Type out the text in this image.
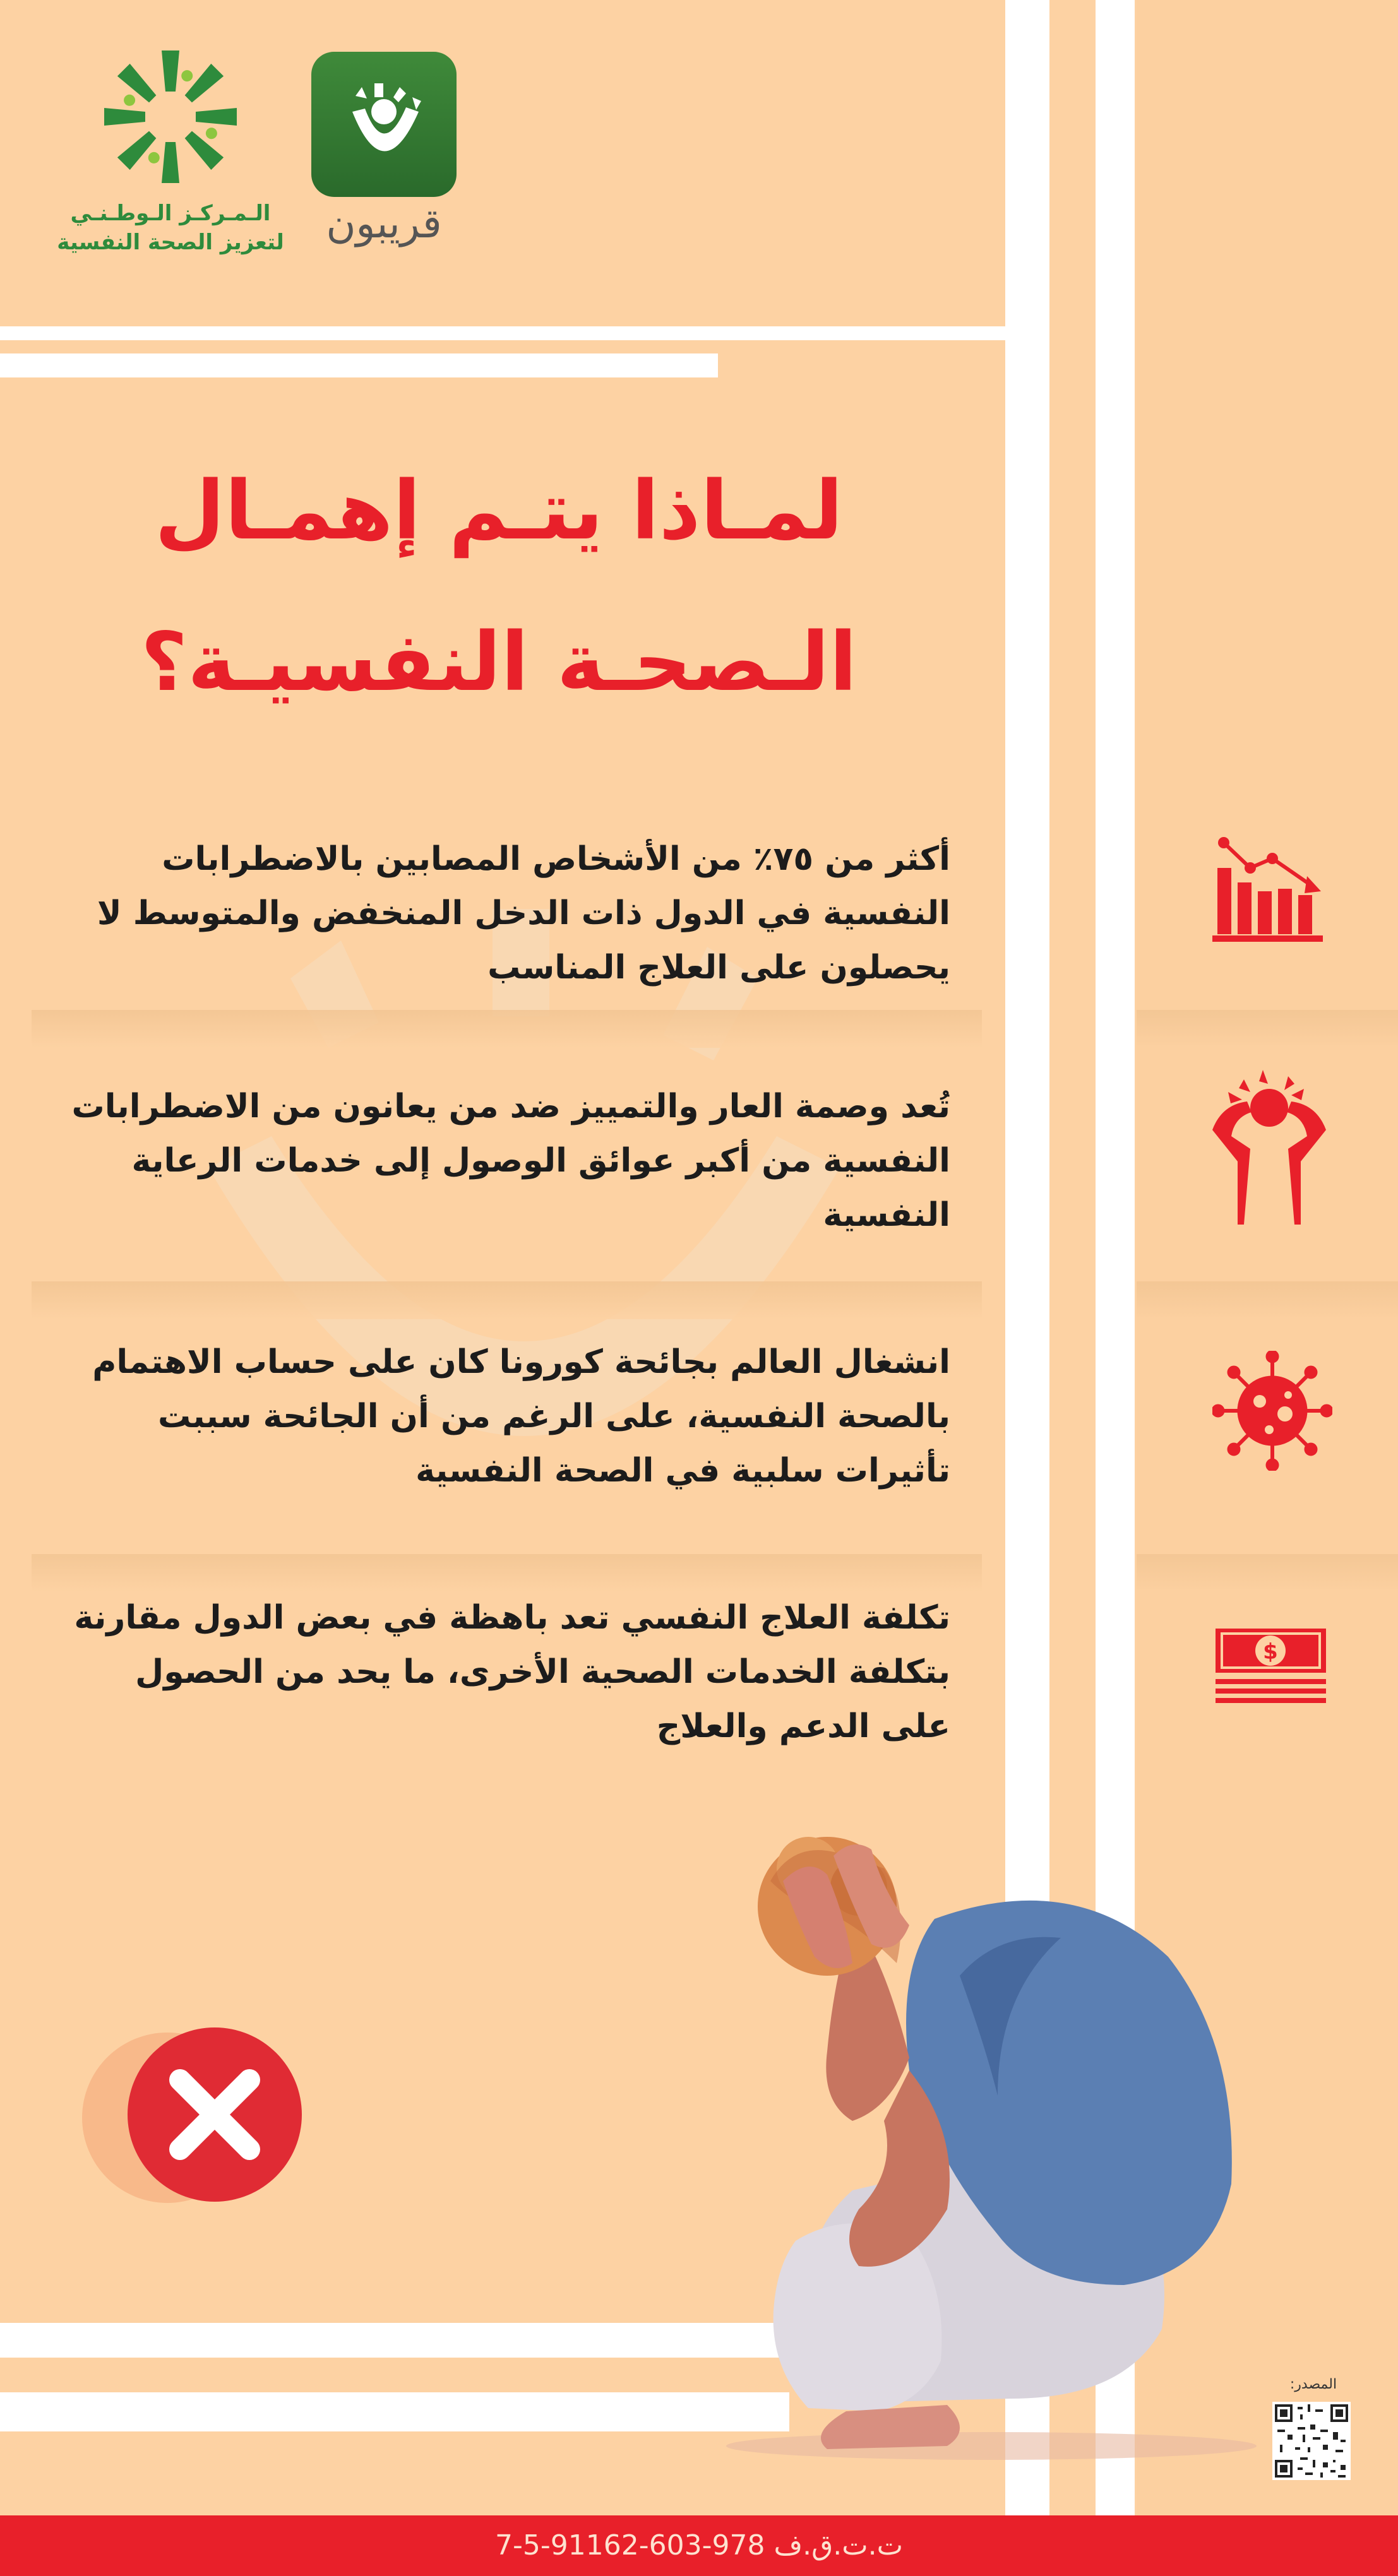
الـمـركـز الـوطـنـي
لتعزيز الصحة النفسية	قريبون
لمـاذا يتـم إهمـال
الـصحـة النفسيـة؟
أكثر من ٧٥٪ من الأشخاص المصابين بالاضطرابات النفسية في الدول ذات الدخل المنخفض والمتوسط لا يحصلون على العلاج المناسب
تُعد وصمة العار والتمييز ضد من يعانون من الاضطرابات النفسية من أكبر عوائق الوصول إلى خدمات الرعاية النفسية
انشغال العالم بجائحة كورونا كان على حساب الاهتمام بالصحة النفسية، على الرغم من أن الجائحة سببت تأثيرات سلبية في الصحة النفسية
تكلفة العلاج النفسي تعد باهظة في بعض الدول مقارنة بتكلفة الخدمات الصحية الأخرى، ما يحد من الحصول على الدعم والعلاج
$
المصدر:
ت.ت.ق.ف 978-603-91162-5-7
